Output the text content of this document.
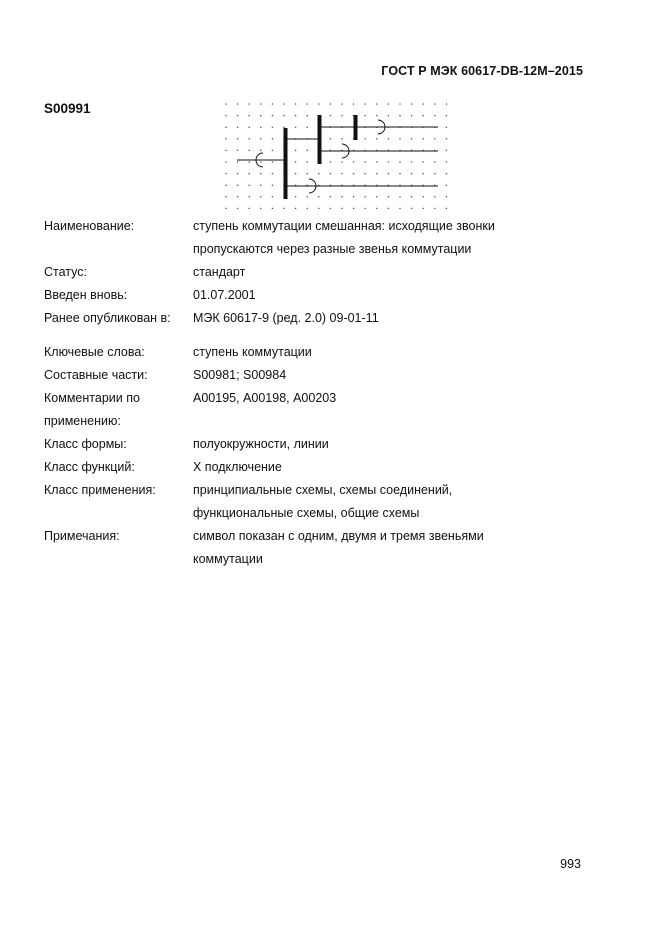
ГОСТ Р МЭК 60617-DB-12М–2015
S00991
Наименование:	ступень коммутации смешанная: исходящие звонки
пропускаются через разные звенья коммутации
Статус:	стандарт
Введен вновь:	01.07.2001
Ранее опубликован в: МЭК 60617-9 (ред. 2.0) 09-01-11
Ключевые слова:	ступень коммутации
Составные части:	S00981; S00984
Комментарии по	А00195, А00198, А00203
применению:
Класс формы:	полуокружности, линии
Класс функций:	X подключение
Класс применения:	принципиальные схемы, схемы соединений,
функциональные схемы, общие схемы
Примечания:	символ показан с одним, двумя и тремя звеньями
коммутации
993
